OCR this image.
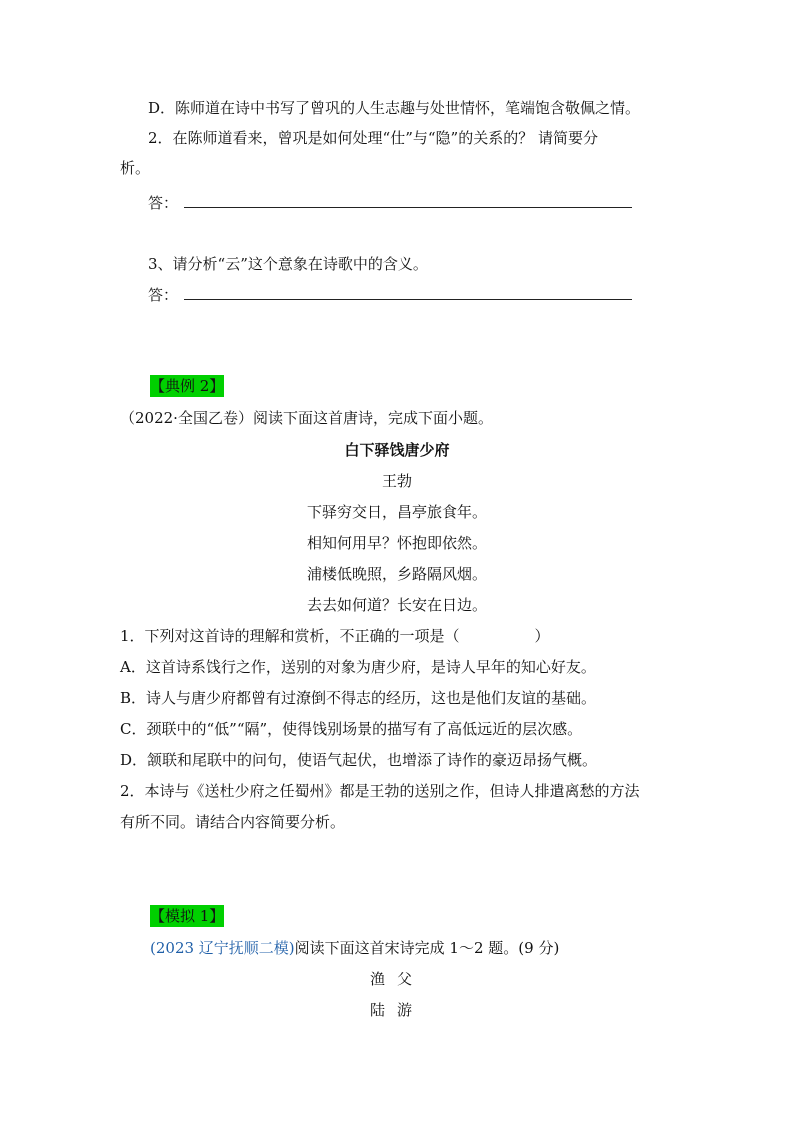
D．陈师道在诗中书写了曾巩的人生志趣与处世情怀，笔端饱含敬佩之情。
2．在陈师道看来，曾巩是如何处理“仕”与“隐”的关系的？ 请简要分
析。
答：
3、请分析“云”这个意象在诗歌中的含义。
答：
【典例 2】
（2022·全国乙卷）阅读下面这首唐诗，完成下面小题。
白下驿饯唐少府
王勃
下驿穷交日，昌亭旅食年。
相知何用早？怀抱即依然。
浦楼低晚照，乡路隔风烟。
去去如何道？长安在日边。
1．下列对这首诗的理解和赏析，不正确的一项是（　　　　　）
A．这首诗系饯行之作，送别的对象为唐少府，是诗人早年的知心好友。
B．诗人与唐少府都曾有过潦倒不得志的经历，这也是他们友谊的基础。
C．颈联中的“低”“隔”，使得饯别场景的描写有了高低远近的层次感。
D．颔联和尾联中的问句，使语气起伏，也增添了诗作的豪迈昂扬气概。
2．本诗与《送杜少府之任蜀州》都是王勃的送别之作，但诗人排遣离愁的方法
有所不同。请结合内容简要分析。
【模拟 1】
(2023 辽宁抚顺二模)阅读下面这首宋诗完成 1～2 题。(9 分)
渔父
陆游
